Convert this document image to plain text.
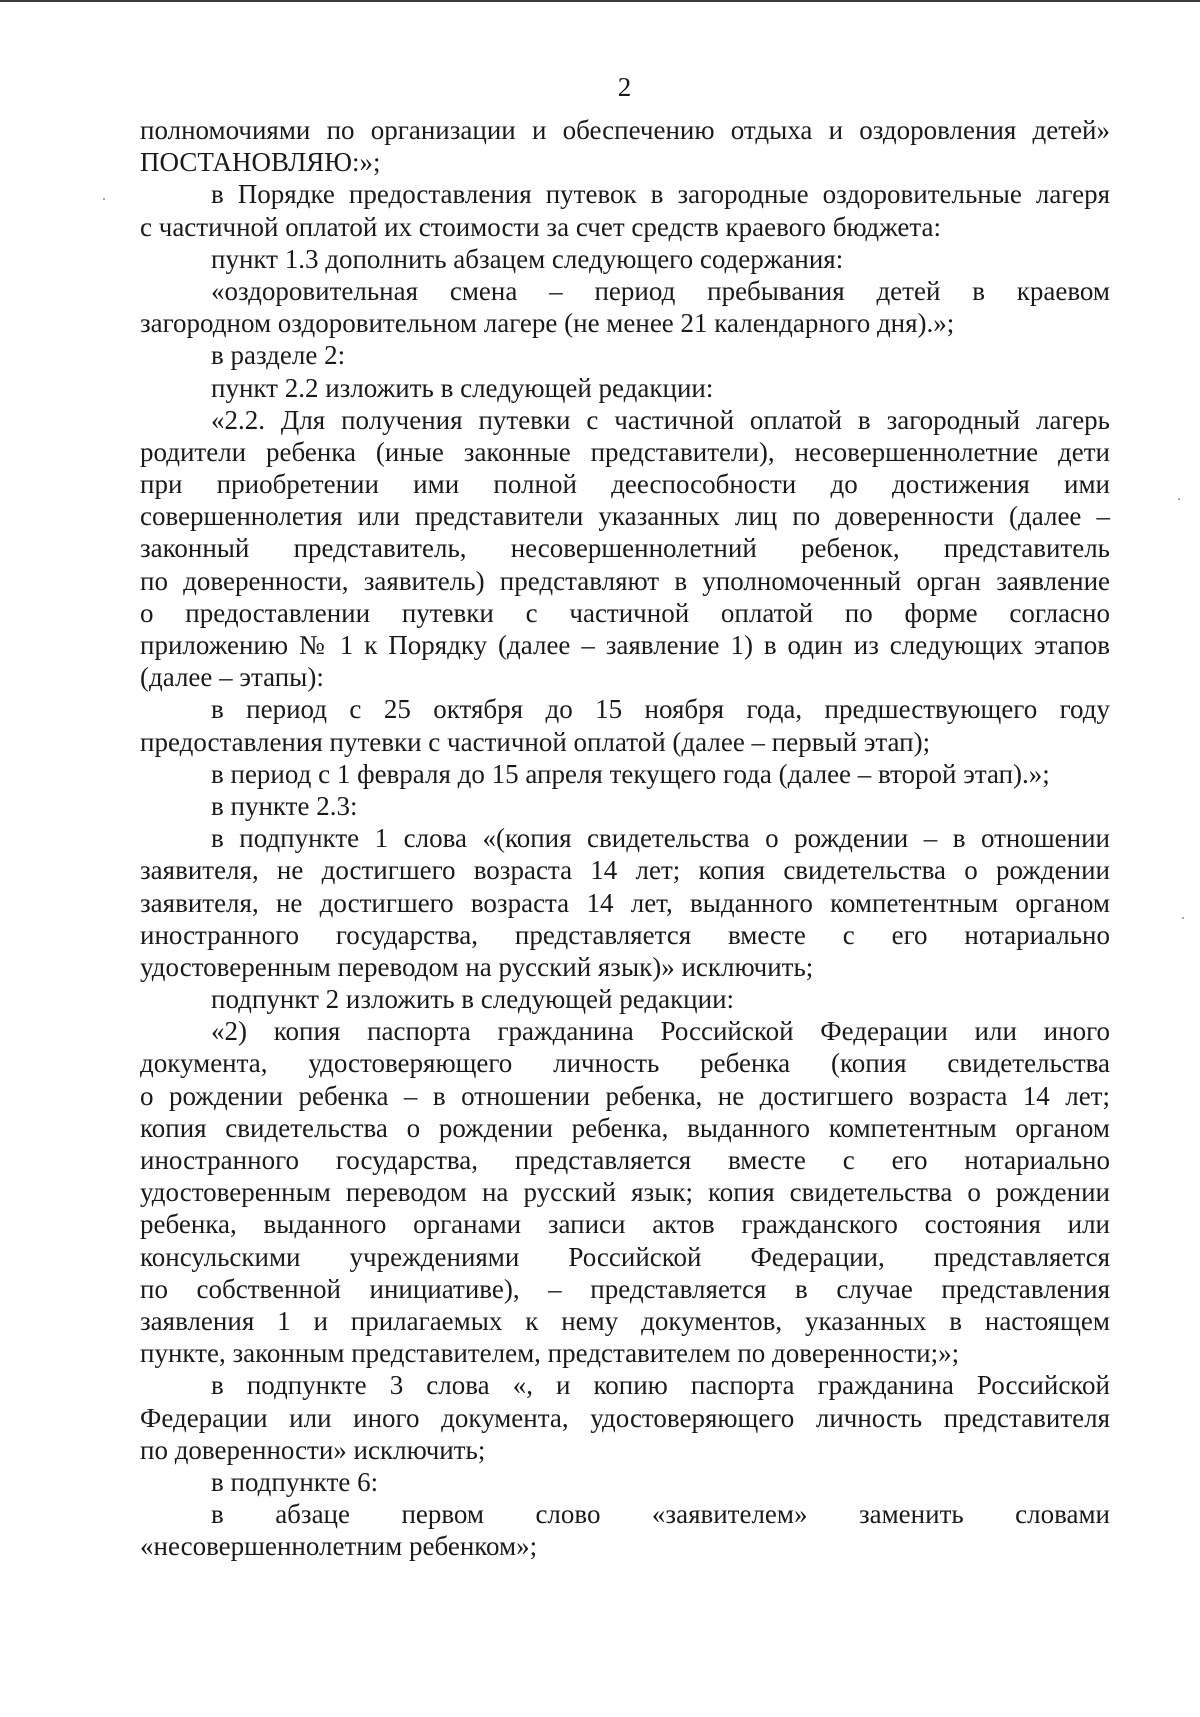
2
полномочиями по организации и обеспечению отдыха и оздоровления детей»
ПОСТАНОВЛЯЮ:»;
в Порядке предоставления путевок в загородные оздоровительные лагеря
с частичной оплатой их стоимости за счет средств краевого бюджета:
пункт 1.3 дополнить абзацем следующего содержания:
«оздоровительная смена – период пребывания детей в краевом
загородном оздоровительном лагере (не менее 21 календарного дня).»;
в разделе 2:
пункт 2.2 изложить в следующей редакции:
«2.2. Для получения путевки с частичной оплатой в загородный лагерь
родители ребенка (иные законные представители), несовершеннолетние дети
при приобретении ими полной дееспособности до достижения ими
совершеннолетия или представители указанных лиц по доверенности (далее –
законный представитель, несовершеннолетний ребенок, представитель
по доверенности, заявитель) представляют в уполномоченный орган заявление
о предоставлении путевки с частичной оплатой по форме согласно
приложению № 1 к Порядку (далее – заявление 1) в один из следующих этапов
(далее – этапы):
в период с 25 октября до 15 ноября года, предшествующего году
предоставления путевки с частичной оплатой (далее – первый этап);
в период с 1 февраля до 15 апреля текущего года (далее – второй этап).»;
в пункте 2.3:
в подпункте 1 слова «(копия свидетельства о рождении – в отношении
заявителя, не достигшего возраста 14 лет; копия свидетельства о рождении
заявителя, не достигшего возраста 14 лет, выданного компетентным органом
иностранного государства, представляется вместе с его нотариально
удостоверенным переводом на русский язык)» исключить;
подпункт 2 изложить в следующей редакции:
«2) копия паспорта гражданина Российской Федерации или иного
документа, удостоверяющего личность ребенка (копия свидетельства
о рождении ребенка – в отношении ребенка, не достигшего возраста 14 лет;
копия свидетельства о рождении ребенка, выданного компетентным органом
иностранного государства, представляется вместе с его нотариально
удостоверенным переводом на русский язык; копия свидетельства о рождении
ребенка, выданного органами записи актов гражданского состояния или
консульскими учреждениями Российской Федерации, представляется
по собственной инициативе), – представляется в случае представления
заявления 1 и прилагаемых к нему документов, указанных в настоящем
пункте, законным представителем, представителем по доверенности;»;
в подпункте 3 слова «, и копию паспорта гражданина Российской
Федерации или иного документа, удостоверяющего личность представителя
по доверенности» исключить;
в подпункте 6:
в абзаце первом слово «заявителем» заменить словами
«несовершеннолетним ребенком»;
